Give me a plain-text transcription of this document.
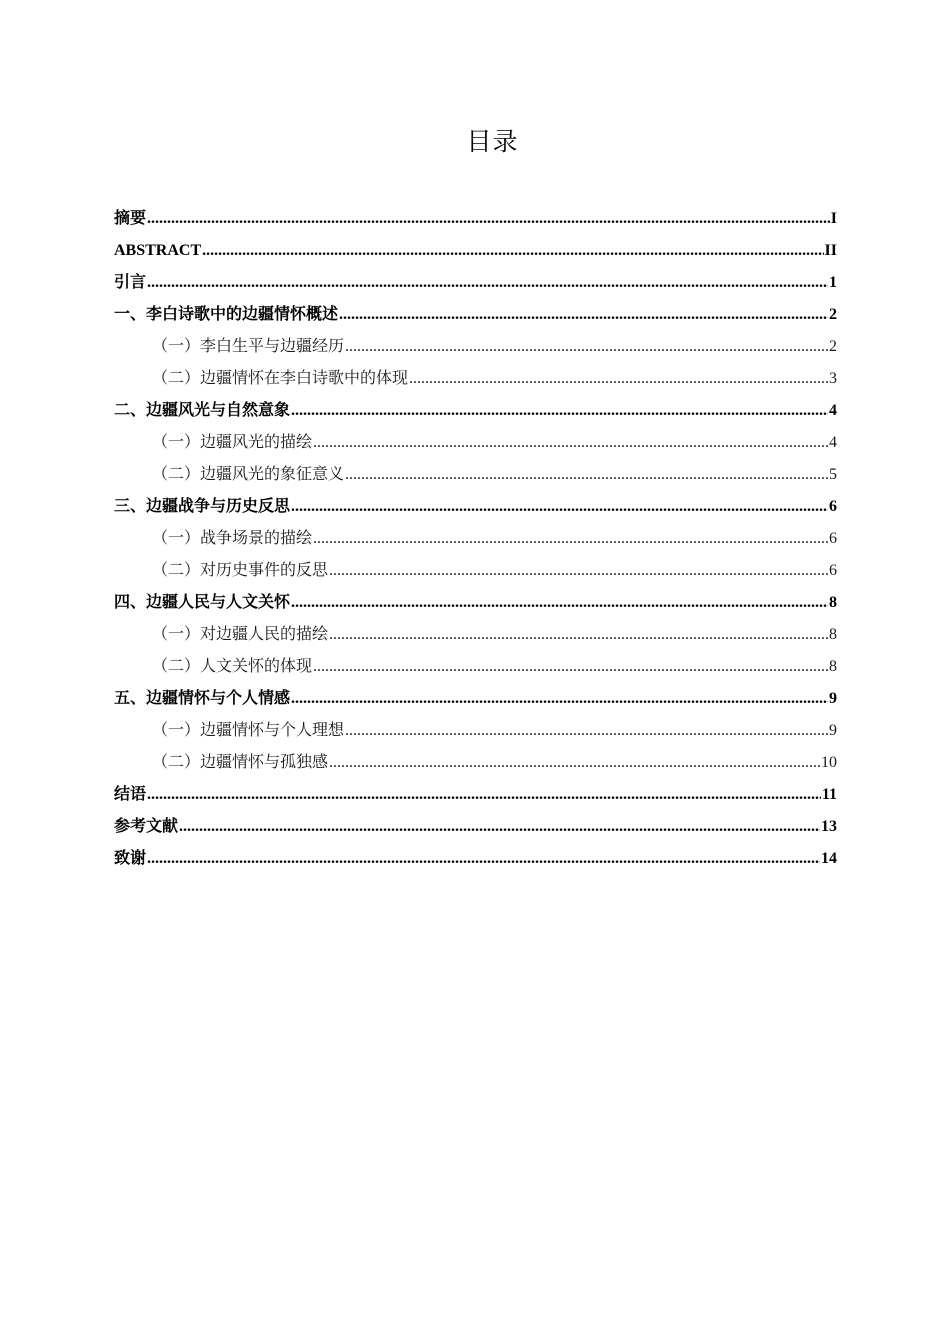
目录
摘要 .....	I
ABSTRACT .....	II
引言 .....	1
一、李白诗歌中的边疆情怀概述 .....	2
（一）李白生平与边疆经历 .....	2
（二）边疆情怀在李白诗歌中的体现 .....	3
二、边疆风光与自然意象 .....	4
（一）边疆风光的描绘 .....	4
（二）边疆风光的象征意义 .....	5
三、边疆战争与历史反思 .....	6
（一）战争场景的描绘 .....	6
（二）对历史事件的反思 .....	6
四、边疆人民与人文关怀 .....	8
（一）对边疆人民的描绘 .....	8
（二）人文关怀的体现 .....	8
五、边疆情怀与个人情感 .....	9
（一）边疆情怀与个人理想 .....	9
（二）边疆情怀与孤独感 .....	10
结语 .....	11
参考文献 .....	13
致谢 .....	14
